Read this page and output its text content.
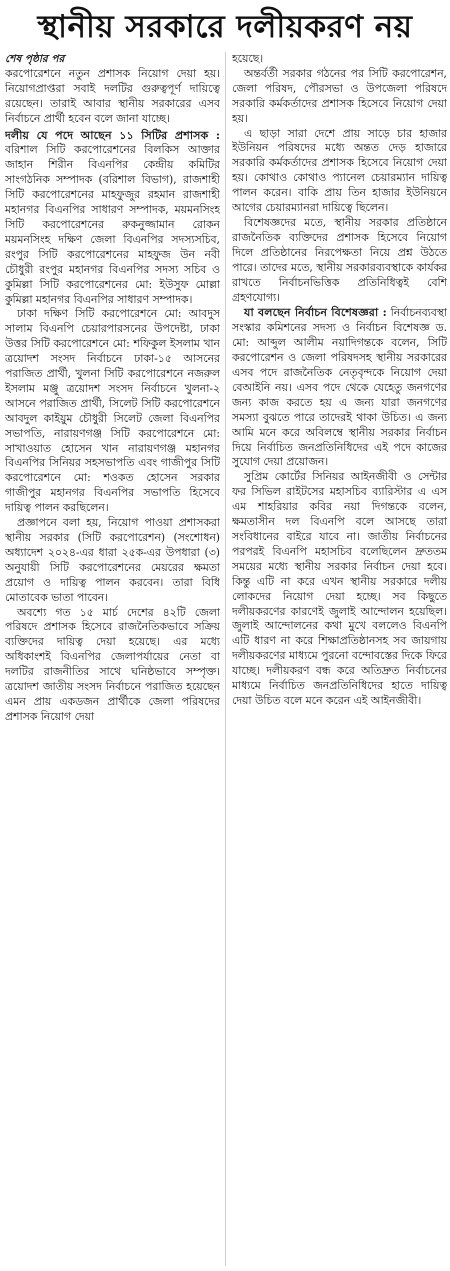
স্থানীয় সরকারে দলীয়করণ নয়

শেষ পৃষ্ঠার পর
করপোরেশনে নতুন প্রশাসক নিয়োগ দেয়া হয়। নিয়োগপ্রাপ্তরা সবাই দলটির গুরুত্বপূর্ণ দায়িত্বে রয়েছেন। তারাই আবার স্থানীয় সরকারের এসব নির্বাচনে প্রার্থী হবেন বলে জানা যাচ্ছে।

দলীয় যে পদে আছেন ১১ সিটির প্রশাসক : বরিশাল সিটি করপোরেশনের বিলকিস আক্তার জাহান শিরীন বিএনপির কেন্দ্রীয় কমিটির সাংগঠনিক সম্পাদক (বরিশাল বিভাগ), রাজশাহী সিটি করপোরেশনের মাহফুজুর রহমান রাজশাহী মহানগর বিএনপির সাধারণ সম্পাদক, ময়মনসিংহ সিটি করপোরেশনের রুকনুজ্জামান রোকন ময়মনসিংহ দক্ষিণ জেলা বিএনপির সদস্যসচিব, রংপুর সিটি করপোরেশনের মাহফুজ উন নবী চৌধুরী রংপুর মহানগর বিএনপির সদস্য সচিব ও কুমিল্লা সিটি করপোরেশনের মো: ইউসুফ মোল্লা কুমিল্লা মহানগর বিএনপির সাধারণ সম্পাদক।

ঢাকা দক্ষিণ সিটি করপোরেশনে মো: আবদুস সালাম বিএনপি চেয়ারপারসনের উপদেষ্টা, ঢাকা উত্তর সিটি করপোরেশনে মো: শফিকুল ইসলাম খান ত্রয়োদশ সংসদ নির্বাচনে ঢাকা-১৫ আসনের পরাজিত প্রার্থী, খুলনা সিটি করপোরেশনে নজরুল ইসলাম মঞ্জু ত্রয়োদশ সংসদ নির্বাচনে খুলনা-২ আসনে পরাজিত প্রার্থী, সিলেট সিটি করপোরেশনে আবদুল কাইয়ুম চৌধুরী সিলেট জেলা বিএনপির সভাপতি, নারায়ণগঞ্জ সিটি করপোরেশনে মো: সাখাওয়াত হোসেন খান নারায়ণগঞ্জ মহানগর বিএনপির সিনিয়র সহসভাপতি এবং গাজীপুর সিটি করপোরেশনে মো: শওকত হোসেন সরকার গাজীপুর মহানগর বিএনপির সভাপতি হিসেবে দায়িত্ব পালন করছিলেন।

প্রজ্ঞাপনে বলা হয়, নিয়োগ পাওয়া প্রশাসকরা স্থানীয় সরকার (সিটি করপোরেশন) (সংশোধন) অধ্যাদেশ ২০২৪-এর ধারা ২৫ক-এর উপধারা (৩) অনুযায়ী সিটি করপোরেশনের মেয়রের ক্ষমতা প্রয়োগ ও দায়িত্ব পালন করবেন। তারা বিধি মোতাবেক ভাতা পাবেন।

অবশ্যে গত ১৫ মার্চ দেশের ৪২টি জেলা পরিষদে প্রশাসক হিসেবে রাজনৈতিকভাবে সক্রিয় ব্যক্তিদের দায়িত্ব দেয়া হয়েছে। এর মধ্যে অধিকাংশই বিএনপির জেলাপর্যায়ের নেতা বা দলটির রাজনীতির সাথে ঘনিষ্ঠভাবে সম্পৃক্ত। ত্রয়োদশ জাতীয় সংসদ নির্বাচনে পরাজিত হয়েছেন এমন প্রায় একডজন প্রার্থীকে জেলা পরিষদের প্রশাসক নিয়োগ দেয়া

হয়েছে।

অন্তর্বর্তী সরকার গঠনের পর সিটি করপোরেশন, জেলা পরিষদ, পৌরসভা ও উপজেলা পরিষদে সরকারি কর্মকর্তাদের প্রশাসক হিসেবে নিয়োগ দেয়া হয়।

এ ছাড়া সারা দেশে প্রায় সাড়ে চার হাজার ইউনিয়ন পরিষদের মধ্যে অন্তত দেড় হাজারে সরকারি কর্মকর্তাদের প্রশাসক হিসেবে নিয়োগ দেয়া হয়। কোথাও কোথাও প্যানেল চেয়ারম্যান দায়িত্ব পালন করেন। বাকি প্রায় তিন হাজার ইউনিয়নে আগের চেয়ারম্যানরা দায়িত্বে ছিলেন।

বিশেষজ্ঞদের মতে, স্থানীয় সরকার প্রতিষ্ঠানে রাজনৈতিক ব্যক্তিদের প্রশাসক হিসেবে নিয়োগ দিলে প্রতিষ্ঠানের নিরপেক্ষতা নিয়ে প্রশ্ন উঠতে পারে। তাদের মতে, স্থানীয় সরকারব্যবস্থাকে কার্যকর রাখতে নির্বাচনভিত্তিক প্রতিনিধিত্বই বেশি গ্রহণযোগ্য।

যা বলছেন নির্বাচন বিশেষজ্ঞরা : নির্বাচনব্যবস্থা সংস্কার কমিশনের সদস্য ও নির্বাচন বিশেষজ্ঞ ড. মো: আব্দুল আলীম নয়াদিগন্তকে বলেন, সিটি করপোরেশন ও জেলা পরিষদসহ স্থানীয় সরকারের এসব পদে রাজনৈতিক নেতৃবৃন্দকে নিয়োগ দেয়া বেআইনি নয়। এসব পদে থেকে যেহেতু জনগণের জন্য কাজ করতে হয় এ জন্য যারা জনগণের সমস্যা বুঝতে পারে তাদেরই থাকা উচিত। এ জন্য আমি মনে করে অবিলম্বে স্থানীয় সরকার নির্বাচন দিয়ে নির্বাচিত জনপ্রতিনিধিদের এই পদে কাজের সুযোগ দেয়া প্রয়োজন।

সুপ্রিম কোর্টের সিনিয়র আইনজীবী ও সেন্টার ফর সিভিল রাইটসের মহাসচিব ব্যারিস্টার এ এস এম শাহরিয়ার কবির নয়া দিগন্তকে বলেন, ক্ষমতাসীন দল বিএনপি বলে আসছে তারা সংবিধানের বাইরে যাবে না। জাতীয় নির্বাচনের পরপরই বিএনপি মহাসচিব বলেছিলেন দ্রুততম সময়ের মধ্যে স্থানীয় সরকার নির্বাচন দেয়া হবে। কিন্তু এটি না করে এখন স্থানীয় সরকারে দলীয় লোকদের নিয়োগ দেয়া হচ্ছে। সব কিছুতে দলীয়করণের কারণেই জুলাই আন্দোলন হয়েছিল। জুলাই আন্দোলনের কথা মুখে বললেও বিএনপি এটি ধারণ না করে শিক্ষাপ্রতিষ্ঠানসহ সব জায়গায় দলীয়করণের মাধ্যমে পুরনো বন্দোবস্তের দিকে ফিরে যাচ্ছে। দলীয়করণ বন্ধ করে অতিদ্রুত নির্বাচনের মাধ্যমে নির্বাচিত জনপ্রতিনিধিদের হাতে দায়িত্ব দেয়া উচিত বলে মনে করেন এই আইনজীবী।
